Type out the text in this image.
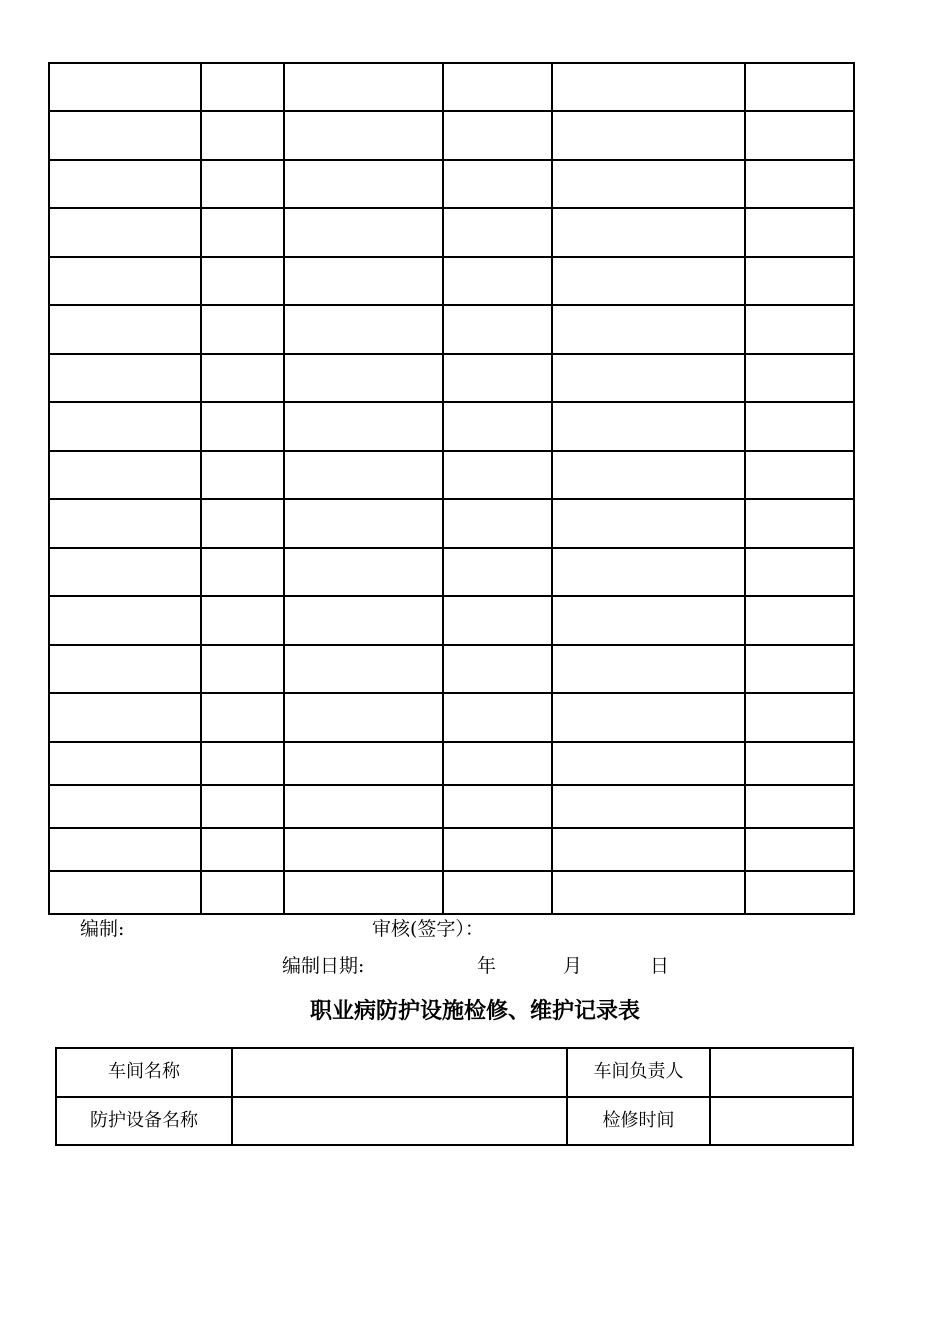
编制:	审核(签字）：
编制日期:	年	月	日
职业病防护设施检修、维护记录表
车间名称		车间负责人	
防护设备名称		检修时间	
